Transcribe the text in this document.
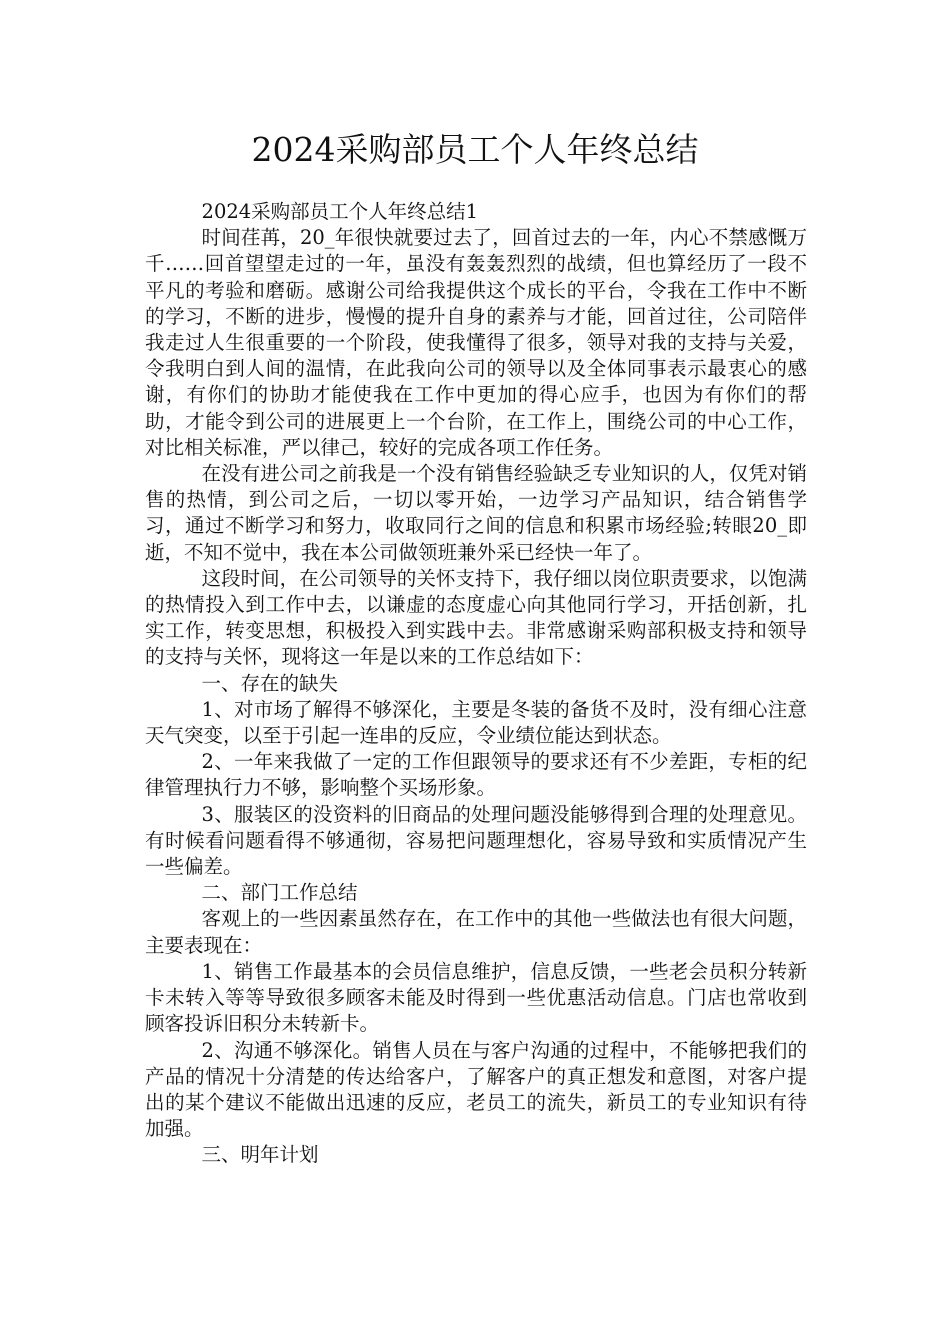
2024采购部员工个人年终总结

2024采购部员工个人年终总结1

时间荏苒，20_年很快就要过去了，回首过去的一年，内心不禁感慨万千……回首望望走过的一年，虽没有轰轰烈烈的战绩，但也算经历了一段不平凡的考验和磨砺。感谢公司给我提供这个成长的平台，令我在工作中不断的学习，不断的进步，慢慢的提升自身的素养与才能，回首过往，公司陪伴我走过人生很重要的一个阶段，使我懂得了很多，领导对我的支持与关爱，令我明白到人间的温情，在此我向公司的领导以及全体同事表示最衷心的感谢，有你们的协助才能使我在工作中更加的得心应手，也因为有你们的帮助，才能令到公司的进展更上一个台阶，在工作上，围绕公司的中心工作，对比相关标准，严以律己，较好的完成各项工作任务。

在没有进公司之前我是一个没有销售经验缺乏专业知识的人，仅凭对销售的热情，到公司之后，一切以零开始，一边学习产品知识，结合销售学习，通过不断学习和努力，收取同行之间的信息和积累市场经验;转眼20_即逝，不知不觉中，我在本公司做领班兼外采已经快一年了。

这段时间，在公司领导的关怀支持下，我仔细以岗位职责要求，以饱满的热情投入到工作中去，以谦虚的态度虚心向其他同行学习，开括创新，扎实工作，转变思想，积极投入到实践中去。非常感谢采购部积极支持和领导的支持与关怀，现将这一年是以来的工作总结如下：

一、存在的缺失

1、对市场了解得不够深化，主要是冬装的备货不及时，没有细心注意天气突变，以至于引起一连串的反应，令业绩位能达到状态。

2、一年来我做了一定的工作但跟领导的要求还有不少差距，专柜的纪律管理执行力不够，影响整个买场形象。

3、服装区的没资料的旧商品的处理问题没能够得到合理的处理意见。有时候看问题看得不够通彻，容易把问题理想化，容易导致和实质情况产生一些偏差。

二、部门工作总结

客观上的一些因素虽然存在，在工作中的其他一些做法也有很大问题，主要表现在：

1、销售工作最基本的会员信息维护，信息反馈，一些老会员积分转新卡未转入等等导致很多顾客未能及时得到一些优惠活动信息。门店也常收到顾客投诉旧积分未转新卡。

2、沟通不够深化。销售人员在与客户沟通的过程中，不能够把我们的产品的情况十分清楚的传达给客户，了解客户的真正想发和意图，对客户提出的某个建议不能做出迅速的反应，老员工的流失，新员工的专业知识有待加强。

三、明年计划
